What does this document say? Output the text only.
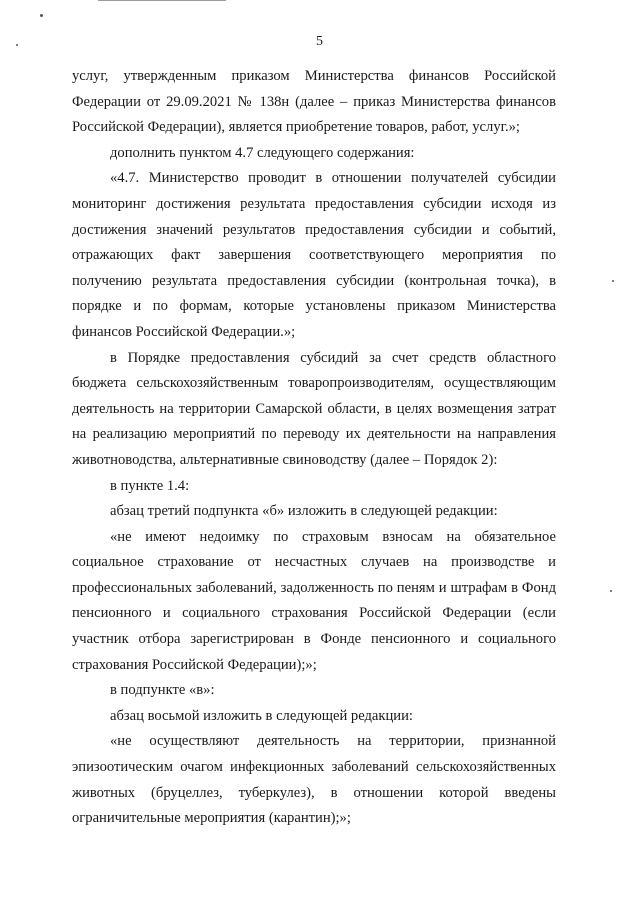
5

услуг, утвержденным приказом Министерства финансов Российской Федерации от 29.09.2021 № 138н (далее – приказ Министерства финансов Российской Федерации), является приобретение товаров, работ, услуг.»;

дополнить пунктом 4.7 следующего содержания:

«4.7. Министерство проводит в отношении получателей субсидии мониторинг достижения результата предоставления субсидии исходя из достижения значений результатов предоставления субсидии и событий, отражающих факт завершения соответствующего мероприятия по получению результата предоставления субсидии (контрольная точка), в порядке и по формам, которые установлены приказом Министерства финансов Российской Федерации.»;

в Порядке предоставления субсидий за счет средств областного бюджета сельскохозяйственным товаропроизводителям, осуществляющим деятельность на территории Самарской области, в целях возмещения затрат на реализацию мероприятий по переводу их деятельности на направления животноводства, альтернативные свиноводству (далее – Порядок 2):

в пункте 1.4:

абзац третий подпункта «б» изложить в следующей редакции:

«не имеют недоимку по страховым взносам на обязательное социальное страхование от несчастных случаев на производстве и профессиональных заболеваний, задолженность по пеням и штрафам в Фонд пенсионного и социального страхования Российской Федерации (если участник отбора зарегистрирован в Фонде пенсионного и социального страхования Российской Федерации);»;

в подпункте «в»:

абзац восьмой изложить в следующей редакции:

«не осуществляют деятельность на территории, признанной эпизоотическим очагом инфекционных заболеваний сельскохозяйственных животных (бруцеллез, туберкулез), в отношении которой введены ограничительные мероприятия (карантин);»;
